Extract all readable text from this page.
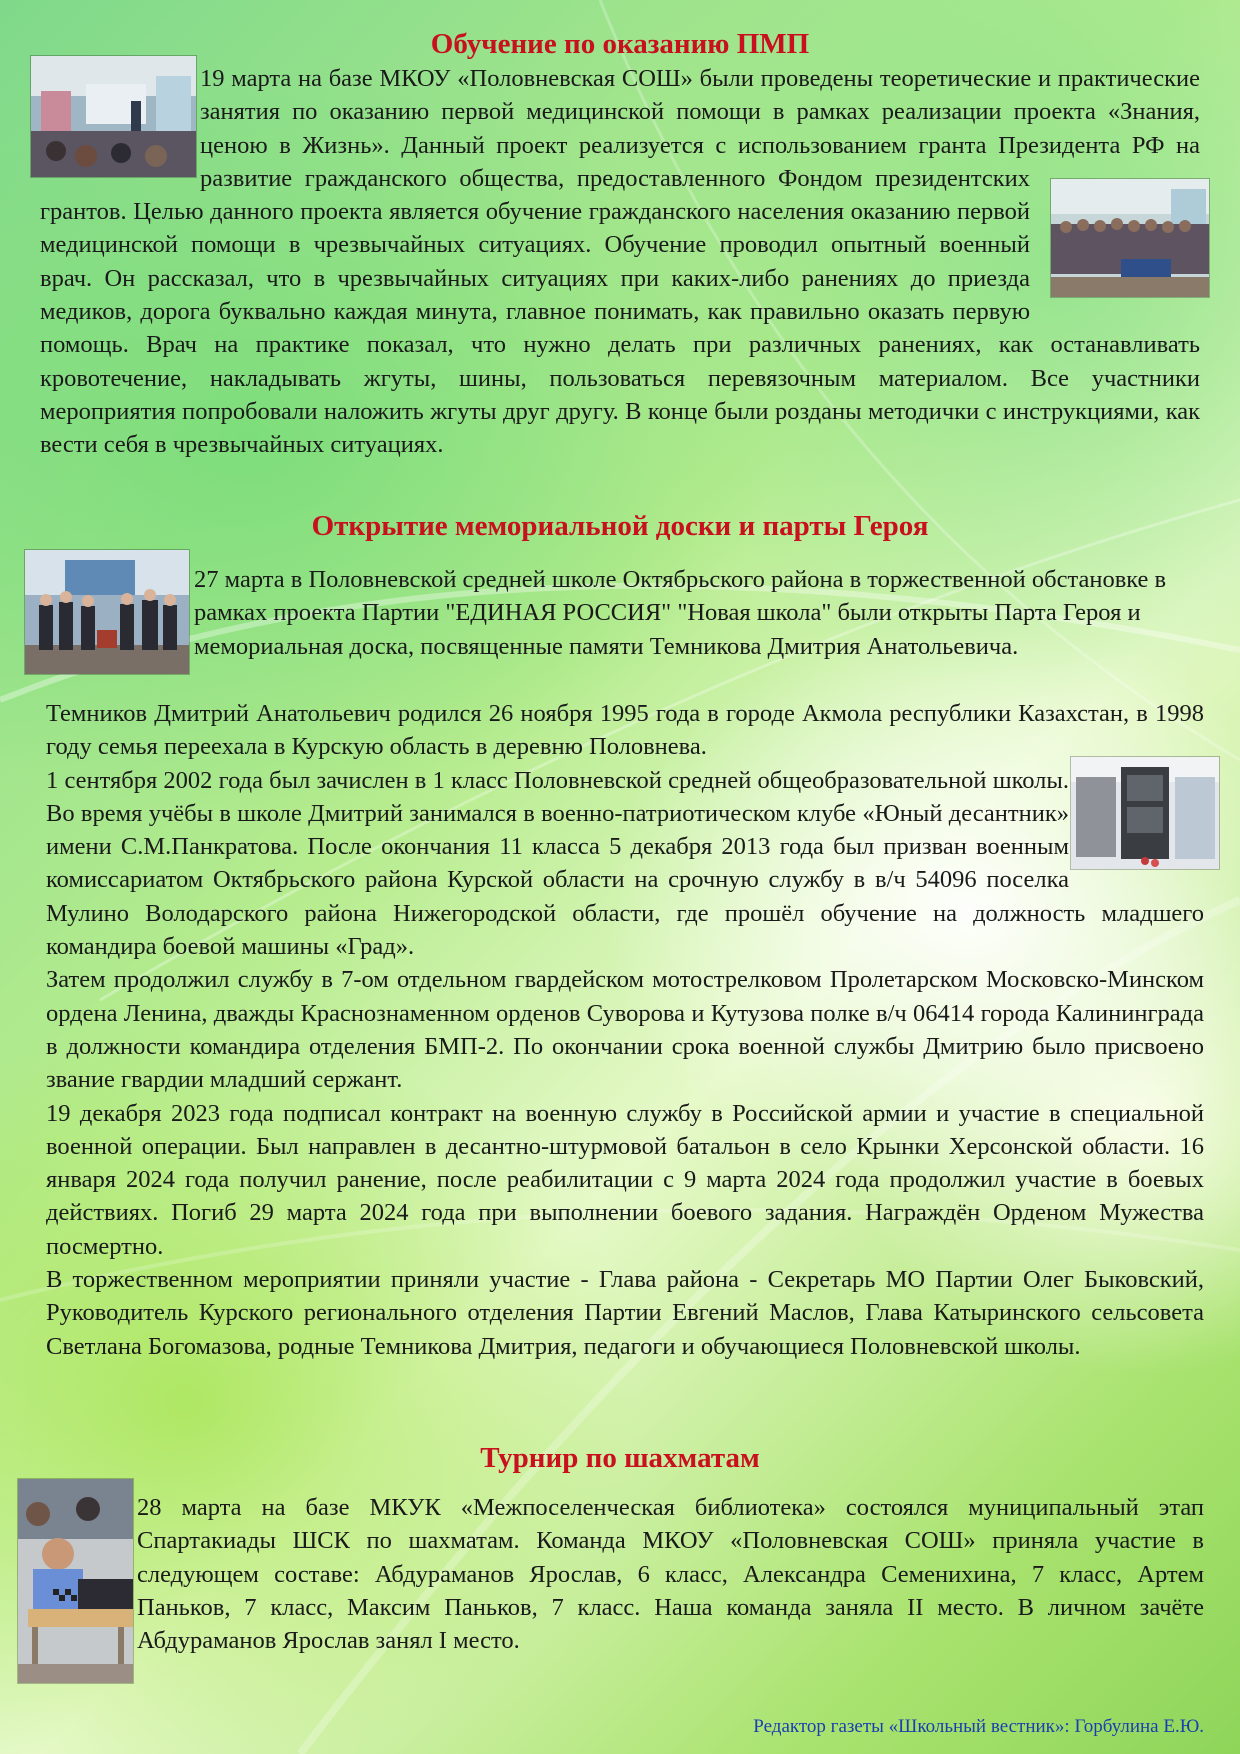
Обучение по оказанию ПМП

19 марта на базе МКОУ «Половневская СОШ» были проведены теоретические и практические занятия по оказанию первой медицинской помощи в рамках реализации проекта «Знания, ценою в Жизнь». Данный проект реализуется с использованием гранта Президента РФ на развитие гражданского общества, предоставленного Фондом президентских грантов. Целью данного проекта является обучение гражданского населения оказанию первой медицинской помощи в чрезвычайных ситуациях. Обучение проводил опытный военный врач. Он рассказал, что в чрезвычайных ситуациях при каких-либо ранениях до приезда медиков, дорога буквально каждая минута, главное понимать, как правильно оказать первую помощь. Врач на практике показал, что нужно делать при различных ранениях, как останавливать кровотечение, накладывать жгуты, шины, пользоваться перевязочным материалом. Все участники мероприятия попробовали наложить жгуты друг другу. В конце были розданы методички с инструкциями, как вести себя в чрезвычайных ситуациях.

Открытие мемориальной доски и парты Героя

27 марта в Половневской средней школе Октябрьского района в торжественной обстановке в рамках проекта Партии "ЕДИНАЯ РОССИЯ" "Новая школа" были открыты Парта Героя и мемориальная доска, посвященные памяти Темникова Дмитрия Анатольевича.

Темников Дмитрий Анатольевич родился 26 ноября 1995 года в городе Акмола республики Казахстан, в 1998 году семья переехала в Курскую область в деревню Половнева.

1 сентября 2002 года был зачислен в 1 класс Половневской средней общеобразовательной школы. Во время учёбы в школе Дмитрий занимался в военно-патриотическом клубе «Юный десантник» имени С.М.Панкратова. После окончания 11 класса 5 декабря 2013 года был призван военным комиссариатом Октябрьского района Курской области на срочную службу в в/ч 54096 поселка Мулино Володарского района Нижегородской области, где прошёл обучение на должность младшего командира боевой машины «Град».

Затем продолжил службу в 7-ом отдельном гвардейском мотострелковом Пролетарском Московско-Минском ордена Ленина, дважды Краснознаменном орденов Суворова и Кутузова полке в/ч 06414 города Калининграда в должности командира отделения БМП-2. По окончании срока военной службы Дмитрию было присвоено звание гвардии младший сержант.

19 декабря 2023 года подписал контракт на военную службу в Российской армии и участие в специальной военной операции. Был направлен в десантно-штурмовой батальон в село Крынки Херсонской области. 16 января 2024 года получил ранение, после реабилитации с 9 марта 2024 года продолжил участие в боевых действиях. Погиб 29 марта 2024 года при выполнении боевого задания. Награждён Орденом Мужества посмертно.

В торжественном мероприятии приняли участие - Глава района - Секретарь МО Партии Олег Быковский, Руководитель Курского регионального отделения Партии Евгений Маслов, Глава Катыринского сельсовета Светлана Богомазова, родные Темникова Дмитрия, педагоги и обучающиеся Половневской школы.

Турнир по шахматам

28 марта на базе МКУК «Межпоселенческая библиотека» состоялся муниципальный этап Спартакиады ШСК по шахматам. Команда МКОУ «Половневская СОШ» приняла участие в следующем составе: Абдураманов Ярослав, 6 класс, Александра Семенихина, 7 класс, Артем Паньков, 7 класс, Максим Паньков, 7 класс. Наша команда заняла II место. В личном зачёте Абдураманов Ярослав занял I место.

Редактор газеты «Школьный вестник»: Горбулина Е.Ю.
